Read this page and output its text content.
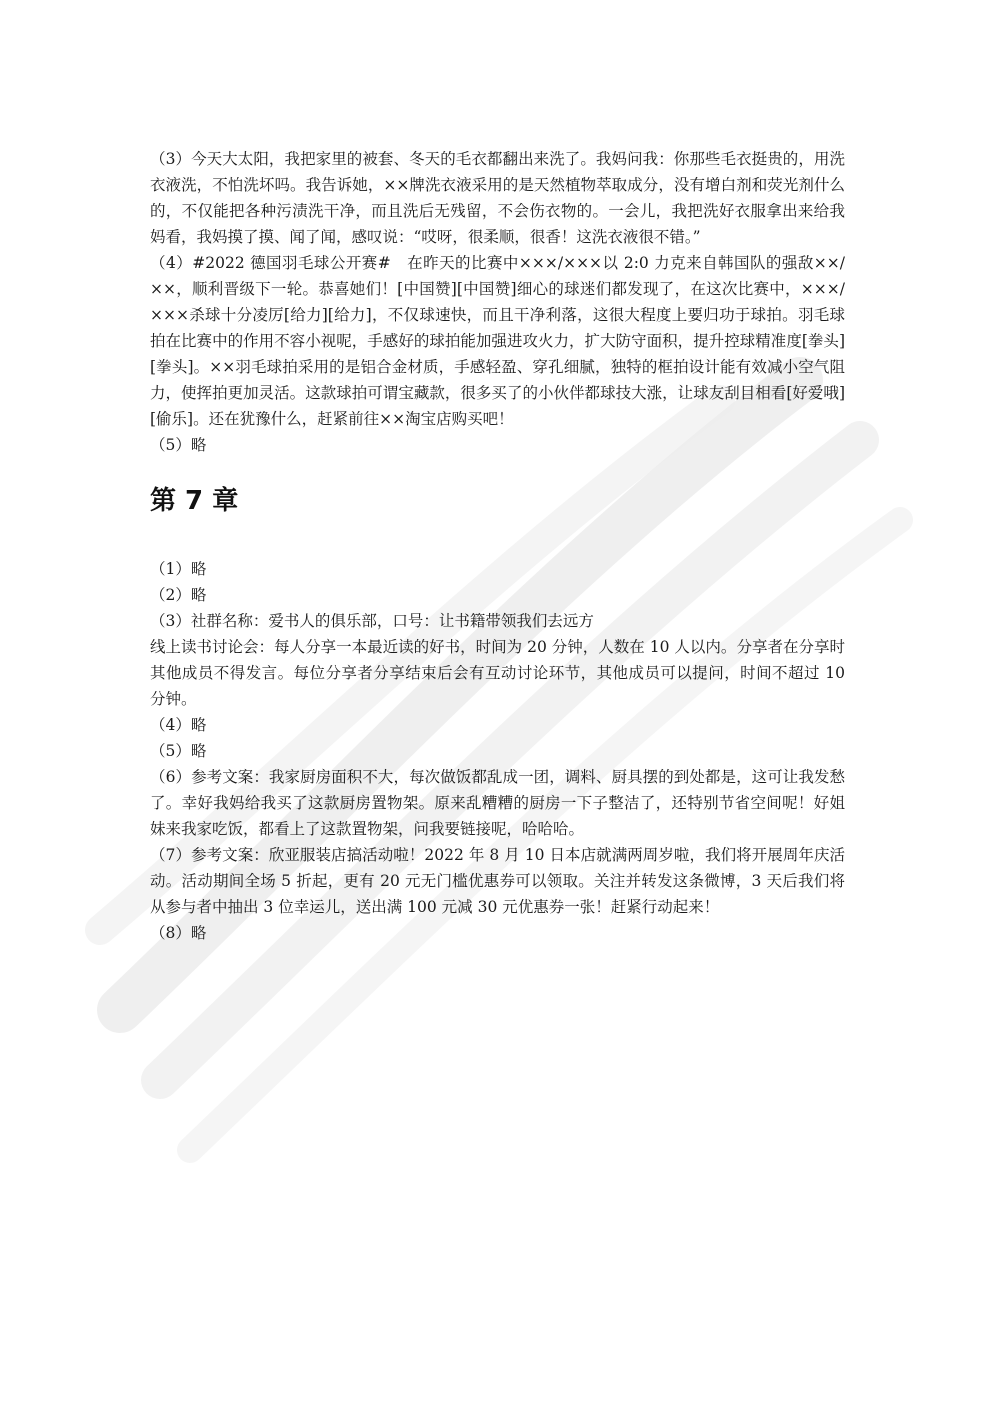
（3）今天大太阳，我把家里的被套、冬天的毛衣都翻出来洗了。我妈问我：你那些毛衣挺贵的，用洗衣液洗，不怕洗坏吗。我告诉她，××牌洗衣液采用的是天然植物萃取成分，没有增白剂和荧光剂什么的，不仅能把各种污渍洗干净，而且洗后无残留，不会伤衣物的。一会儿，我把洗好衣服拿出来给我妈看，我妈摸了摸、闻了闻，感叹说：“哎呀，很柔顺，很香！这洗衣液很不错。”

（4）#2022 德国羽毛球公开赛#　在昨天的比赛中×××/×××以 2:0 力克来自韩国队的强敌××/××，顺利晋级下一轮。恭喜她们！[中国赞][中国赞]细心的球迷们都发现了，在这次比赛中，×××/×××杀球十分凌厉[给力][给力]，不仅球速快，而且干净利落，这很大程度上要归功于球拍。羽毛球拍在比赛中的作用不容小视呢，手感好的球拍能加强进攻火力，扩大防守面积，提升控球精准度[拳头][拳头]。××羽毛球拍采用的是铝合金材质，手感轻盈、穿孔细腻，独特的框拍设计能有效减小空气阻力，使挥拍更加灵活。这款球拍可谓宝藏款，很多买了的小伙伴都球技大涨，让球友刮目相看[好爱哦][偷乐]。还在犹豫什么，赶紧前往××淘宝店购买吧！

（5）略

第 7 章

（1）略

（2）略

（3）社群名称：爱书人的俱乐部，口号：让书籍带领我们去远方

线上读书讨论会：每人分享一本最近读的好书，时间为 20 分钟，人数在 10 人以内。分享者在分享时其他成员不得发言。每位分享者分享结束后会有互动讨论环节，其他成员可以提问，时间不超过 10 分钟。

（4）略

（5）略

（6）参考文案：我家厨房面积不大，每次做饭都乱成一团，调料、厨具摆的到处都是，这可让我发愁了。幸好我妈给我买了这款厨房置物架。原来乱糟糟的厨房一下子整洁了，还特别节省空间呢！好姐妹来我家吃饭，都看上了这款置物架，问我要链接呢，哈哈哈。

（7）参考文案：欣亚服装店搞活动啦！2022 年 8 月 10 日本店就满两周岁啦，我们将开展周年庆活动。活动期间全场 5 折起，更有 20 元无门槛优惠券可以领取。关注并转发这条微博，3 天后我们将从参与者中抽出 3 位幸运儿，送出满 100 元减 30 元优惠券一张！赶紧行动起来！

（8）略
